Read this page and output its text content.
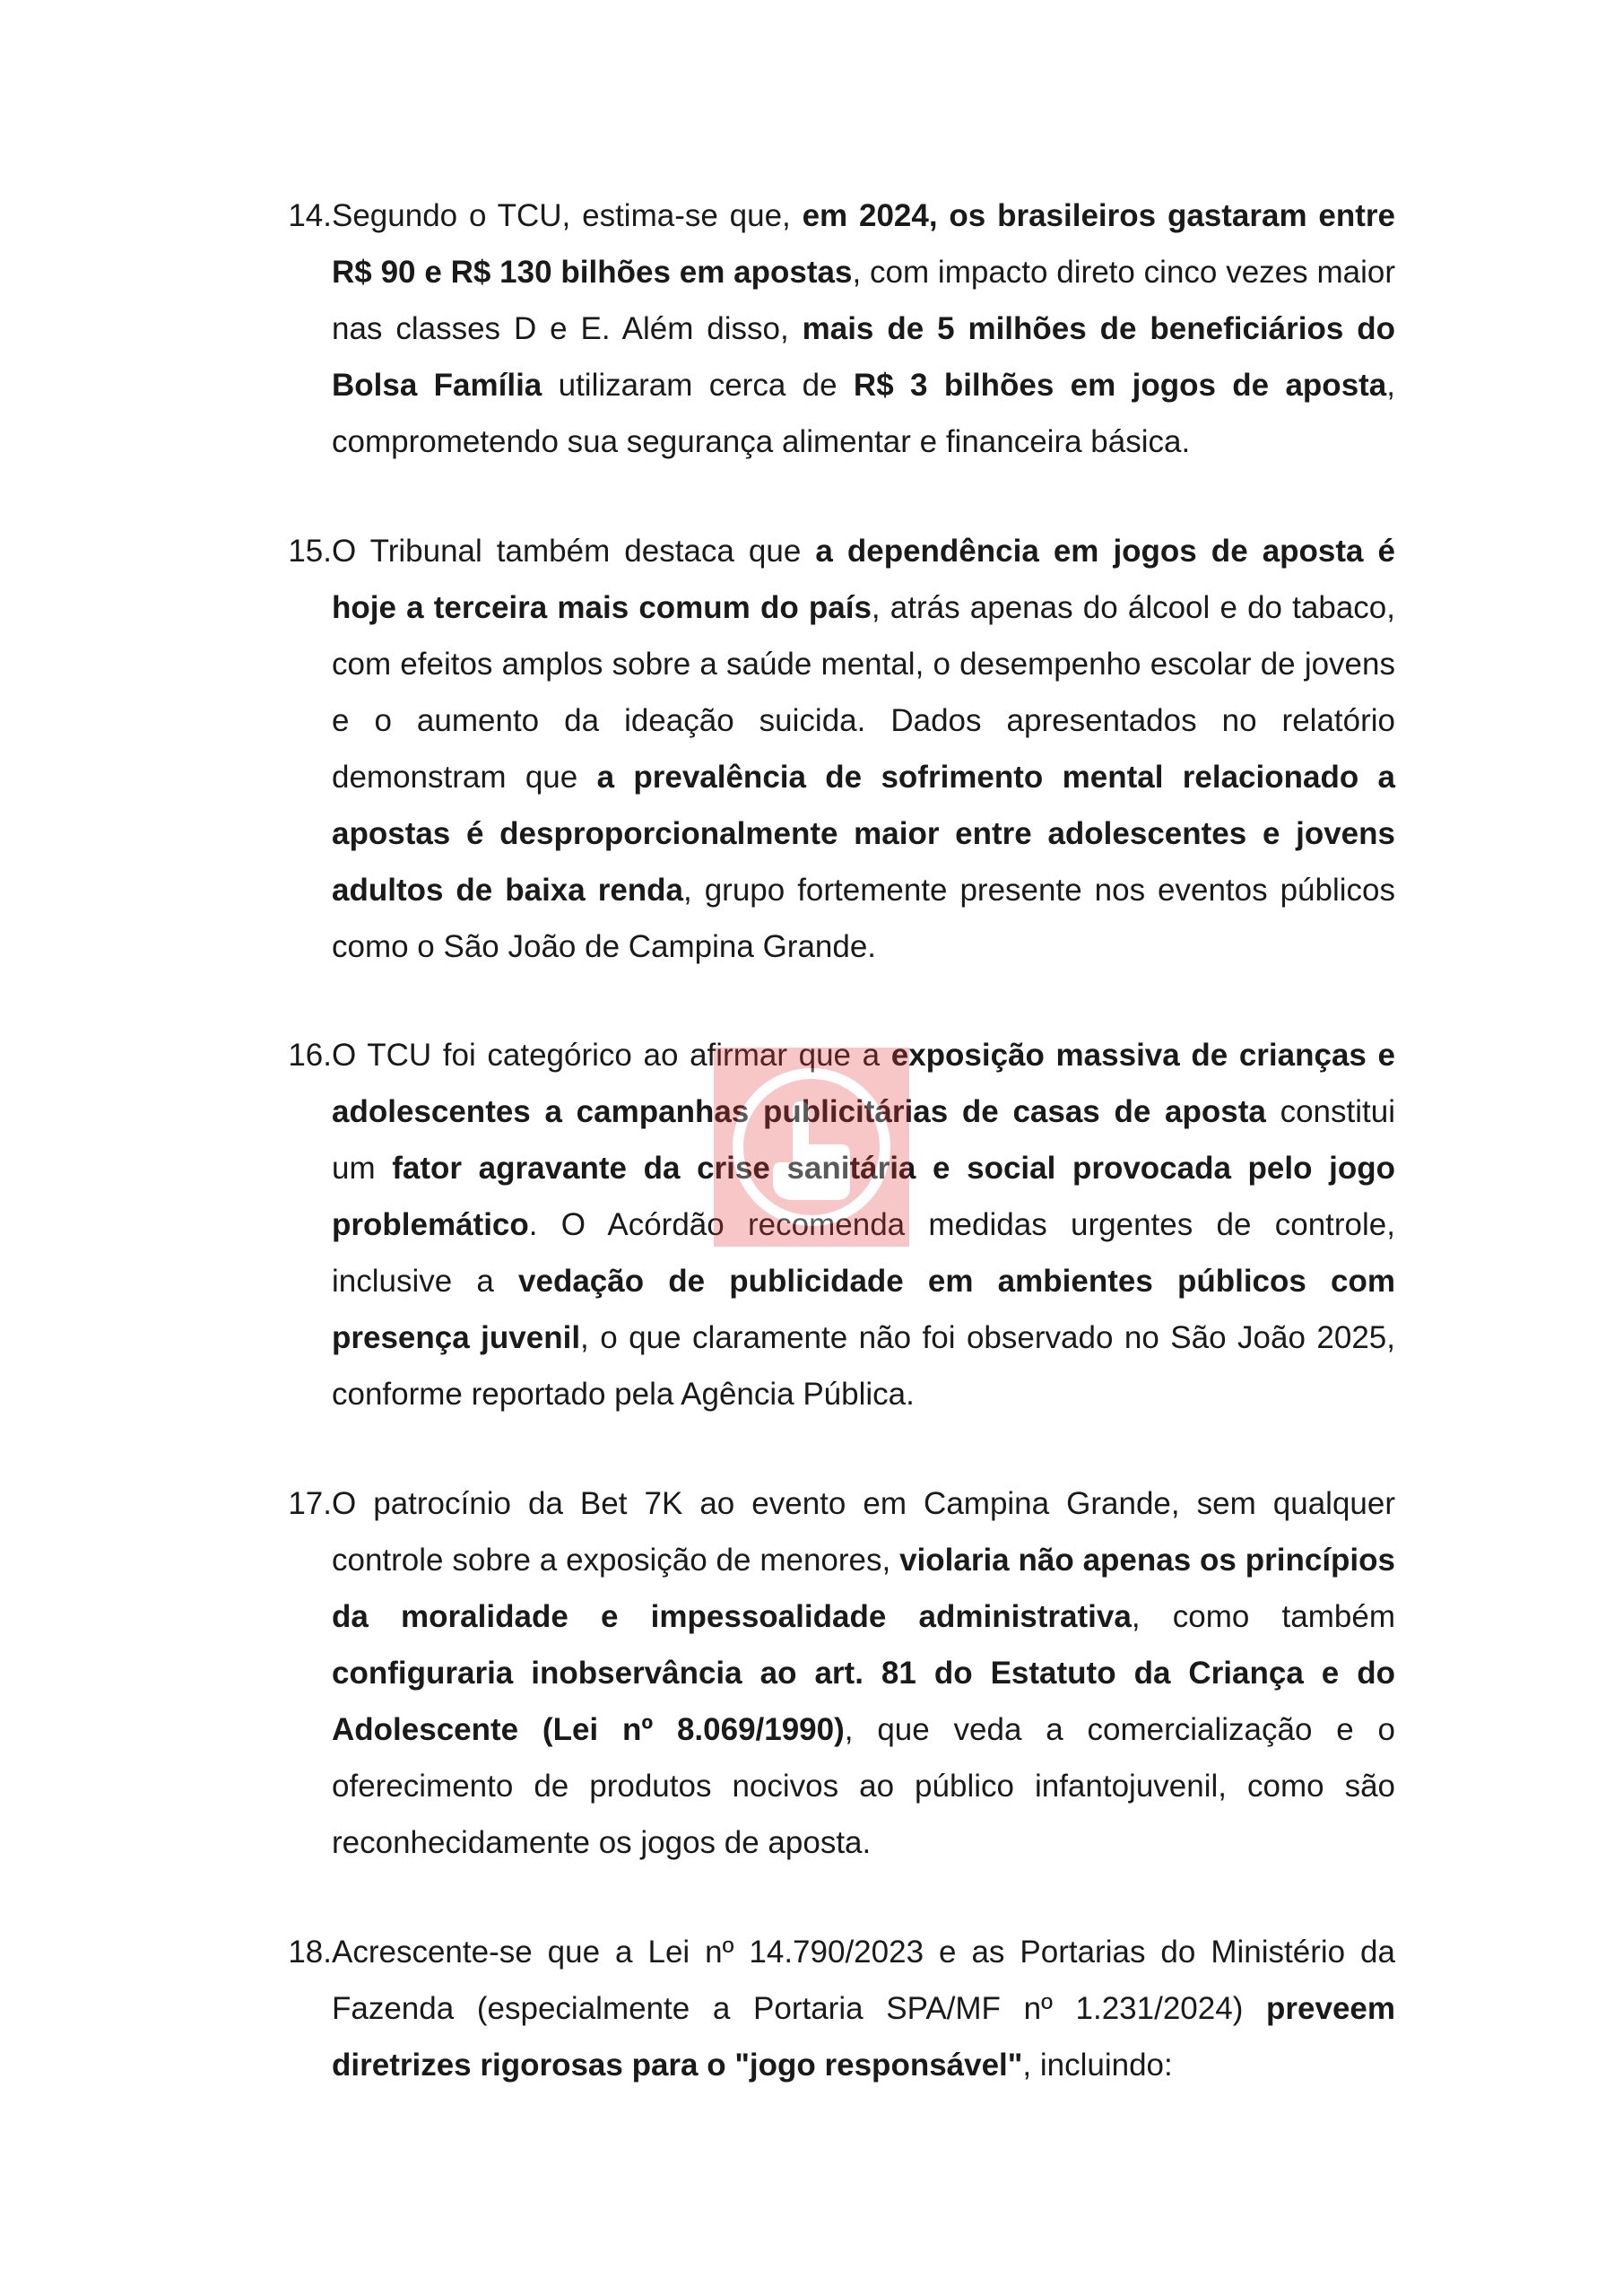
14. Segundo o TCU, estima-se que, em 2024, os brasileiros gastaram entre R$ 90 e R$ 130 bilhões em apostas, com impacto direto cinco vezes maior nas classes D e E. Além disso, mais de 5 milhões de beneficiários do Bolsa Família utilizaram cerca de R$ 3 bilhões em jogos de aposta, comprometendo sua segurança alimentar e financeira básica.
15. O Tribunal também destaca que a dependência em jogos de aposta é hoje a terceira mais comum do país, atrás apenas do álcool e do tabaco, com efeitos amplos sobre a saúde mental, o desempenho escolar de jovens e o aumento da ideação suicida. Dados apresentados no relatório demonstram que a prevalência de sofrimento mental relacionado a apostas é desproporcionalmente maior entre adolescentes e jovens adultos de baixa renda, grupo fortemente presente nos eventos públicos como o São João de Campina Grande.
16. O TCU foi categórico ao afirmar que a exposição massiva de crianças e adolescentes a campanhas publicitárias de casas de aposta constitui um fator agravante da crise sanitária e social provocada pelo jogo problemático. O Acórdão recomenda medidas urgentes de controle, inclusive a vedação de publicidade em ambientes públicos com presença juvenil, o que claramente não foi observado no São João 2025, conforme reportado pela Agência Pública.
17. O patrocínio da Bet 7K ao evento em Campina Grande, sem qualquer controle sobre a exposição de menores, violaria não apenas os princípios da moralidade e impessoalidade administrativa, como também configuraria inobservância ao art. 81 do Estatuto da Criança e do Adolescente (Lei nº 8.069/1990), que veda a comercialização e o oferecimento de produtos nocivos ao público infantojuvenil, como são reconhecidamente os jogos de aposta.
18. Acrescente-se que a Lei nº 14.790/2023 e as Portarias do Ministério da Fazenda (especialmente a Portaria SPA/MF nº 1.231/2024) preveem diretrizes rigorosas para o "jogo responsável", incluindo:
